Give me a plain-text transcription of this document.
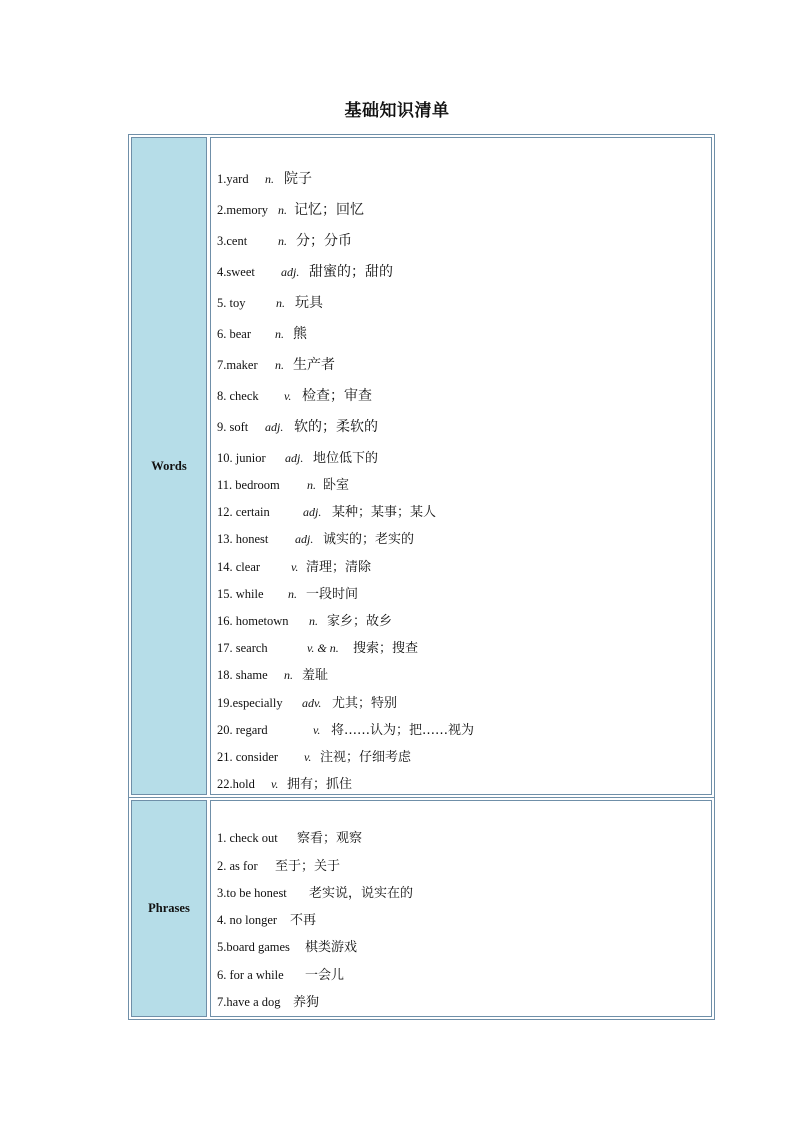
基础知识清单
Words
1.yard n. 院子
2.memory n. 记忆；回忆
3.cent	n. 分；分币
4.sweet adj. 甜蜜的；甜的
5. toy	n. 玩具
6. bear n. 熊
7.maker n. 生产者
8. check v. 检查；审查
9. soft adj. 软的；柔软的
10. junior adj. 地位低下的
11. bedroom n. 卧室
12. certain	adj. 某种；某事；某人
13. honest adj. 诚实的；老实的
14. clear	v. 清理；清除
15. while n. 一段时间
16. hometown n. 家乡；故乡
17. search	v. & n. 搜索；搜查
18. shame n. 羞耻
19.especially adv. 尤其；特别
20. regard	v. 将……认为；把……视为
21. consider v. 注视；仔细考虑
22.hold v. 拥有；抓住
Phrases
1. check out 察看；观察
2. as for 至于；关于
3.to be honest 老实说，说实在的
4. no longer 不再
5.board games 棋类游戏
6. for a while 一会儿
7.have a dog 养狗
